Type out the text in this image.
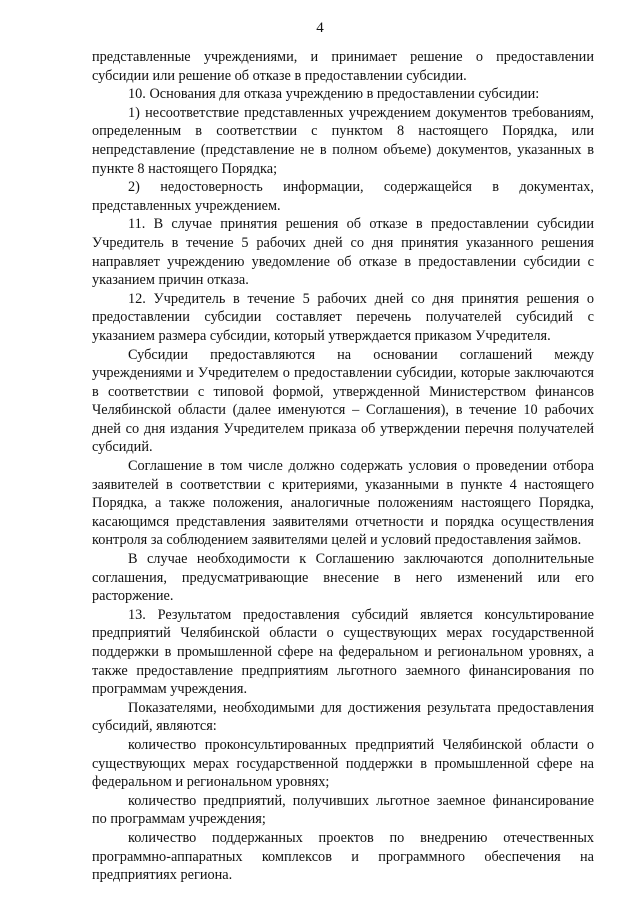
4

представленные учреждениями, и принимает решение о предоставлении субсидии или решение об отказе в предоставлении субсидии.

10. Основания для отказа учреждению в предоставлении субсидии:

1) несоответствие представленных учреждением документов требованиям, определенным в соответствии с пунктом 8 настоящего Порядка, или непредставление (представление не в полном объеме) документов, указанных в пункте 8 настоящего Порядка;

2) недостоверность информации, содержащейся в документах, представленных учреждением.

11. В случае принятия решения об отказе в предоставлении субсидии Учредитель в течение 5 рабочих дней со дня принятия указанного решения направляет учреждению уведомление об отказе в предоставлении субсидии с указанием причин отказа.

12. Учредитель в течение 5 рабочих дней со дня принятия решения о предоставлении субсидии составляет перечень получателей субсидий с указанием размера субсидии, который утверждается приказом Учредителя.

Субсидии предоставляются на основании соглашений между учреждениями и Учредителем о предоставлении субсидии, которые заключаются в соответствии с типовой формой, утвержденной Министерством финансов Челябинской области (далее именуются – Соглашения), в течение 10 рабочих дней со дня издания Учредителем приказа об утверждении перечня получателей субсидий.

Соглашение в том числе должно содержать условия о проведении отбора заявителей в соответствии с критериями, указанными в пункте 4 настоящего Порядка, а также положения, аналогичные положениям настоящего Порядка, касающимся представления заявителями отчетности и порядка осуществления контроля за соблюдением заявителями целей и условий предоставления займов.

В случае необходимости к Соглашению заключаются дополнительные соглашения, предусматривающие внесение в него изменений или его расторжение.

13. Результатом предоставления субсидий является консультирование предприятий Челябинской области о существующих мерах государственной поддержки в промышленной сфере на федеральном и региональном уровнях, а также предоставление предприятиям льготного заемного финансирования по программам учреждения.

Показателями, необходимыми для достижения результата предоставления субсидий, являются:

количество проконсультированных предприятий Челябинской области о существующих мерах государственной поддержки в промышленной сфере на федеральном и региональном уровнях;

количество предприятий, получивших льготное заемное финансирование по программам учреждения;

количество поддержанных проектов по внедрению отечественных программно-аппаратных комплексов и программного обеспечения на предприятиях региона.
